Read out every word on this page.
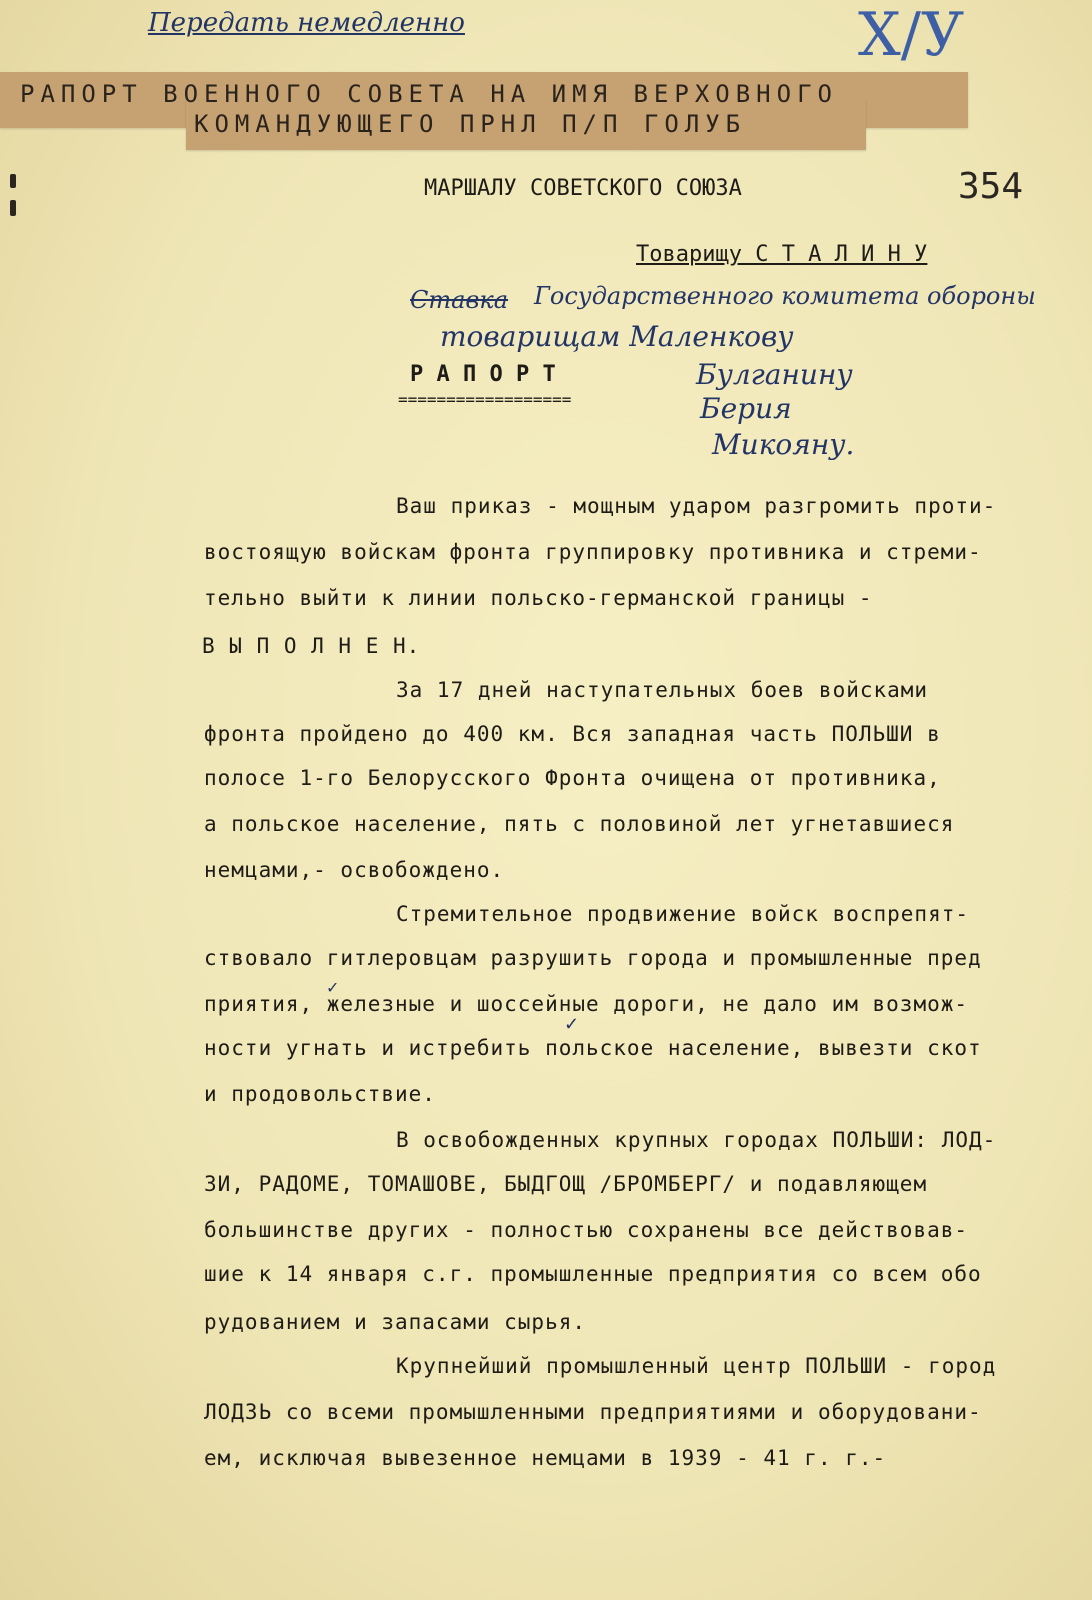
Передать немедленно	Х/У
РАПОРТ ВОЕННОГО СОВЕТА НА ИМЯ ВЕРХОВНОГО
КОМАНДУЮЩЕГО ПРНЛ П/П ГОЛУБ
354
МАРШАЛУ СОВЕТСКОГО СОЮЗА
Товарищу С Т А Л И Н У
Ставка Государственного комитета обороны
товарищам Маленкову
Булганину
Берия
Микояну.
Р А П О Р Т
==================
Ваш приказ - мощным ударом разгромить проти-
востоящую войскам фронта группировку противника и стреми-
тельно выйти к линии польско-германской границы -
В Ы П О Л Н Е Н.
За 17 дней наступательных боев войсками
фронта пройдено до 400 км. Вся западная часть ПОЛЬШИ в
полосе 1-го Белорусского Фронта очищена от противника,
а польское население, пять с половиной лет угнетавшиеся
немцами,- освобождено.
Стремительное продвижение войск воспрепят-
ствовало гитлеровцам разрушить города и промышленные пред
приятия, железные и шоссейные дороги, не дало им возмож-
ности угнать и истребить польское население, вывезти скот
и продовольствие.
В освобожденных крупных городах ПОЛЬШИ: ЛОД-
ЗИ, РАДОМЕ, ТОМАШОВЕ, БЫДГОЩ /БРОМБЕРГ/ и подавляющем
большинстве других - полностью сохранены все действовав-
шие к 14 января с.г. промышленные предприятия со всем обо
рудованием и запасами сырья.
Крупнейший промышленный центр ПОЛЬШИ - город
ЛОДЗЬ со всеми промышленными предприятиями и оборудовани-
ем, исключая вывезенное немцами в 1939 - 41 г. г.-
✓
✓
